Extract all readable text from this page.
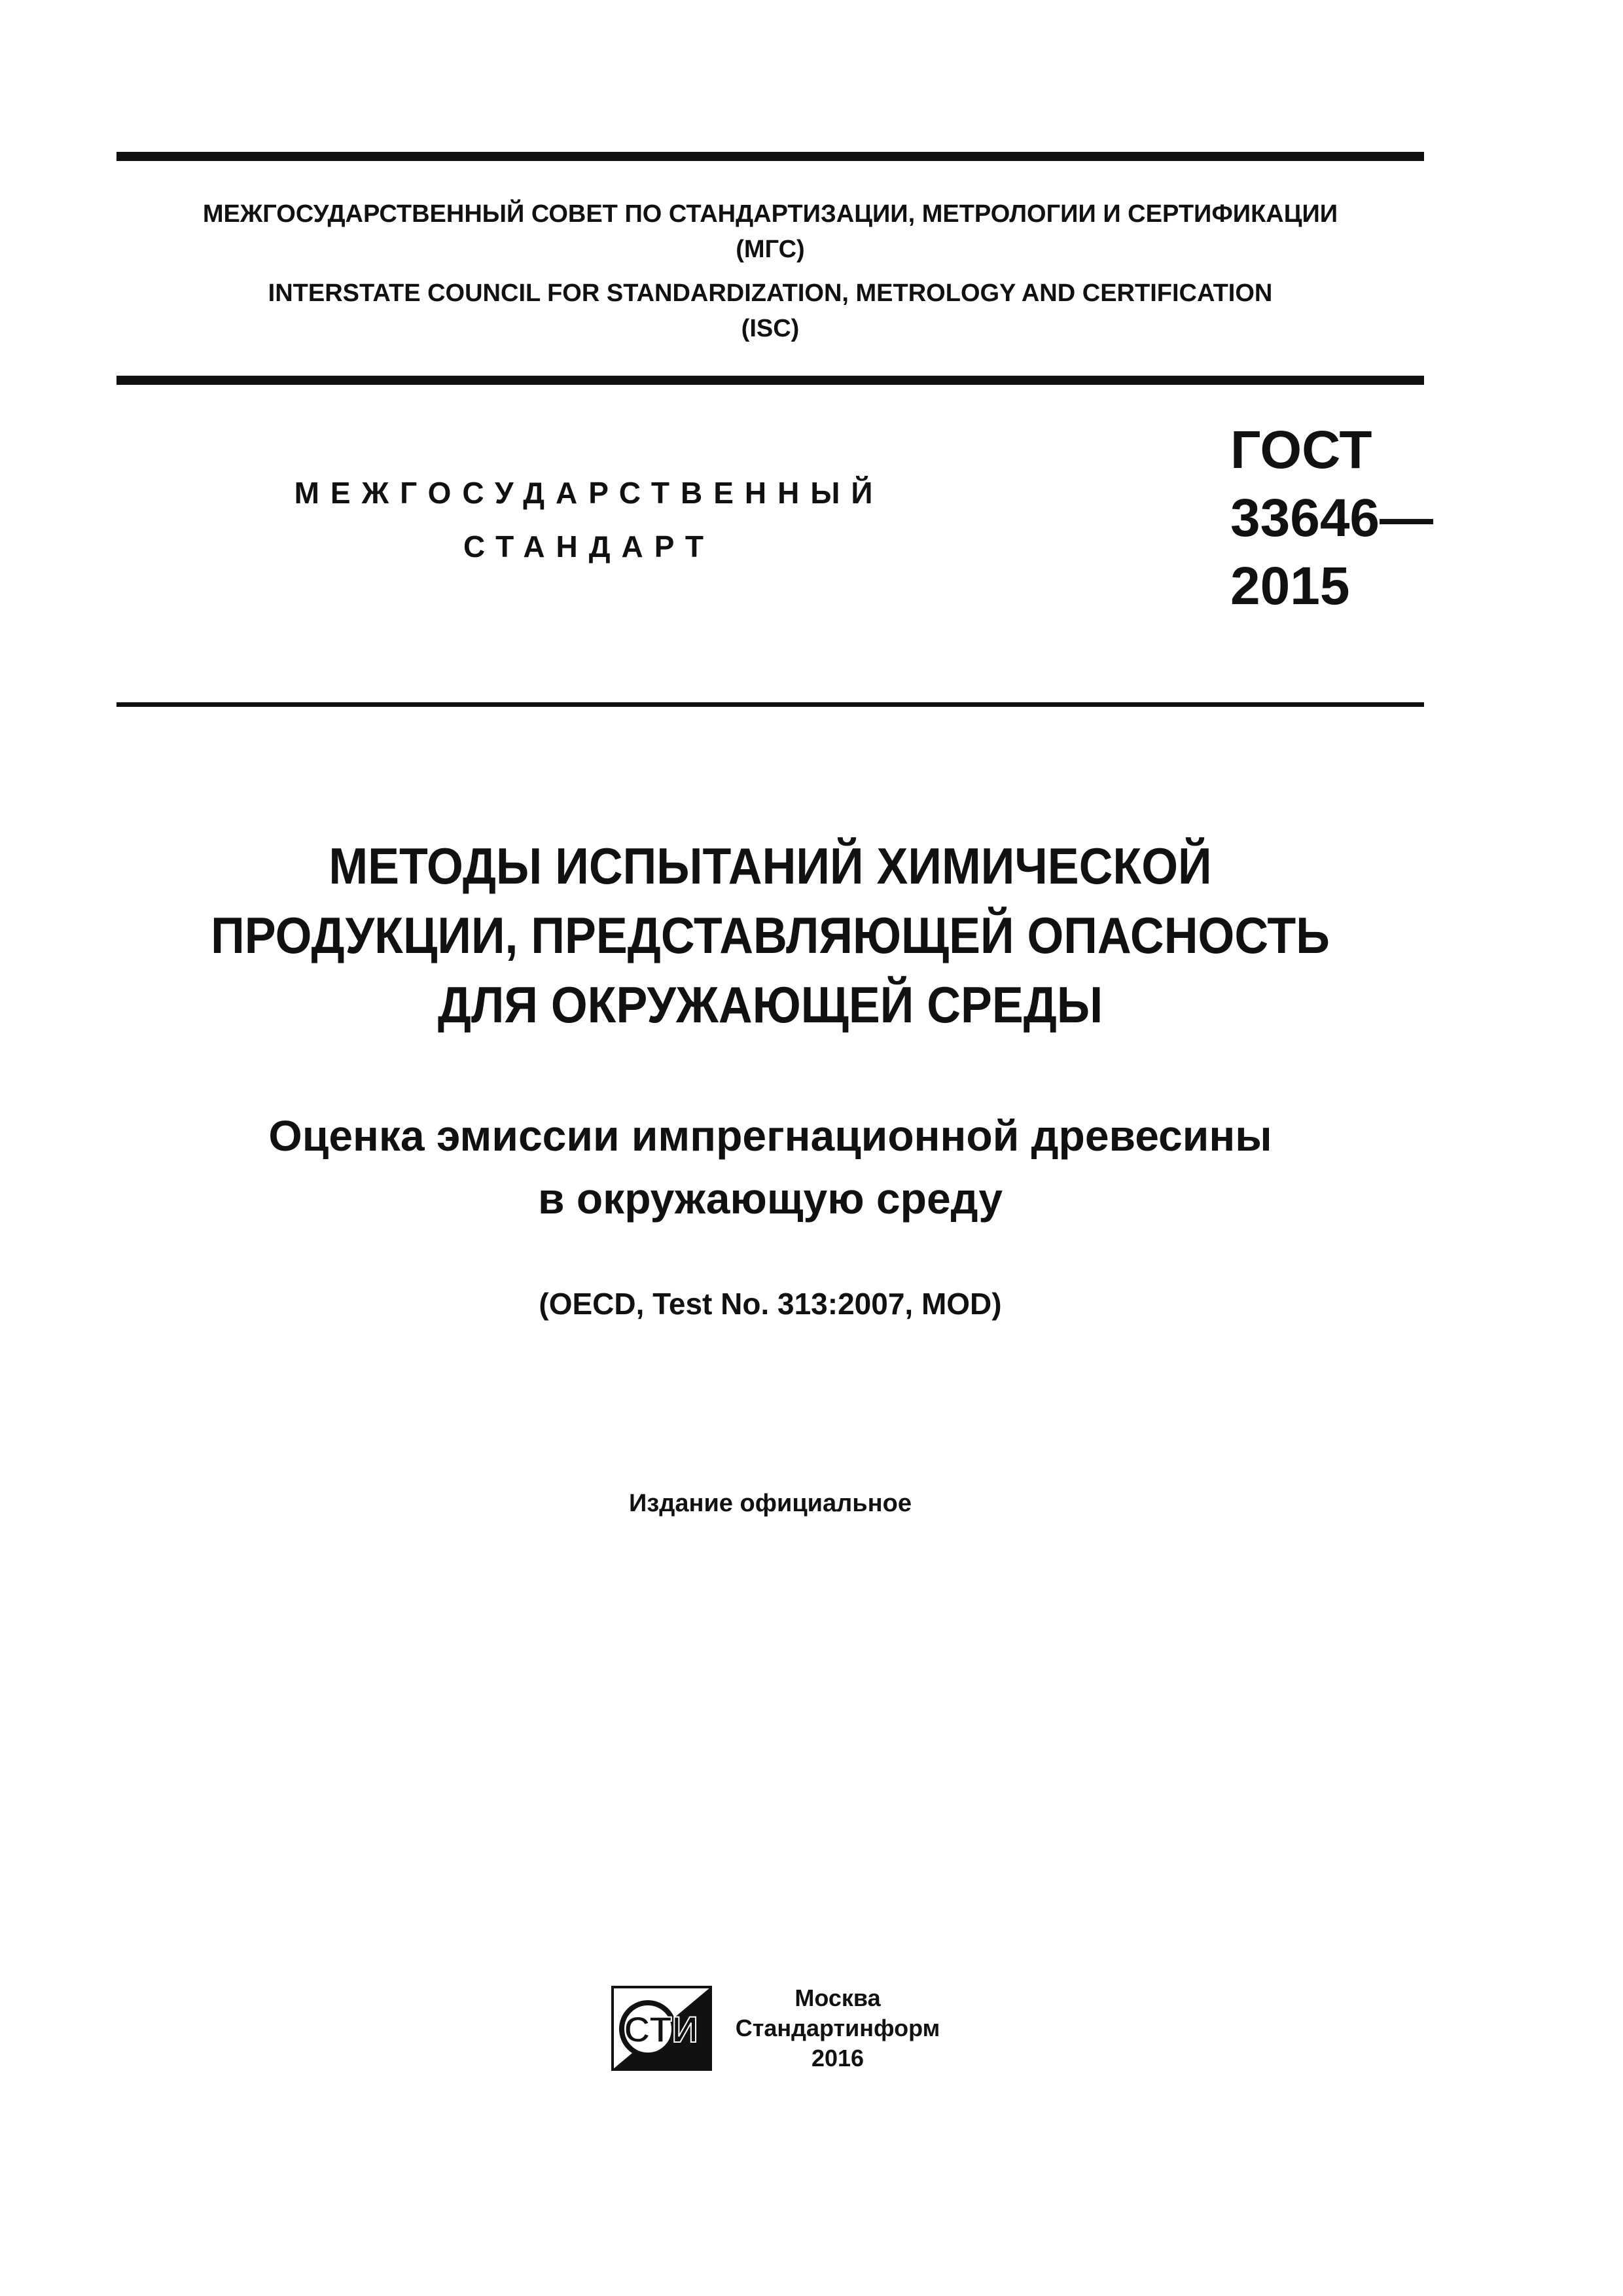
МЕЖГОСУДАРСТВЕННЫЙ СОВЕТ ПО СТАНДАРТИЗАЦИИ, МЕТРОЛОГИИ И СЕРТИФИКАЦИИ
(МГС)
INTERSTATE COUNCIL FOR STANDARDIZATION, METROLOGY AND CERTIFICATION
(ISC)
МЕЖГОСУДАРСТВЕННЫЙ
СТАНДАРТ
ГОСТ
33646—
2015
МЕТОДЫ ИСПЫТАНИЙ ХИМИЧЕСКОЙ
ПРОДУКЦИИ, ПРЕДСТАВЛЯЮЩЕЙ ОПАСНОСТЬ
ДЛЯ ОКРУЖАЮЩЕЙ СРЕДЫ
Оценка эмиссии импрегнационной древесины
в окружающую среду
(OECD, Test No. 313:2007, MOD)
Издание официальное
СТИ
Москва
Стандартинформ
2016
